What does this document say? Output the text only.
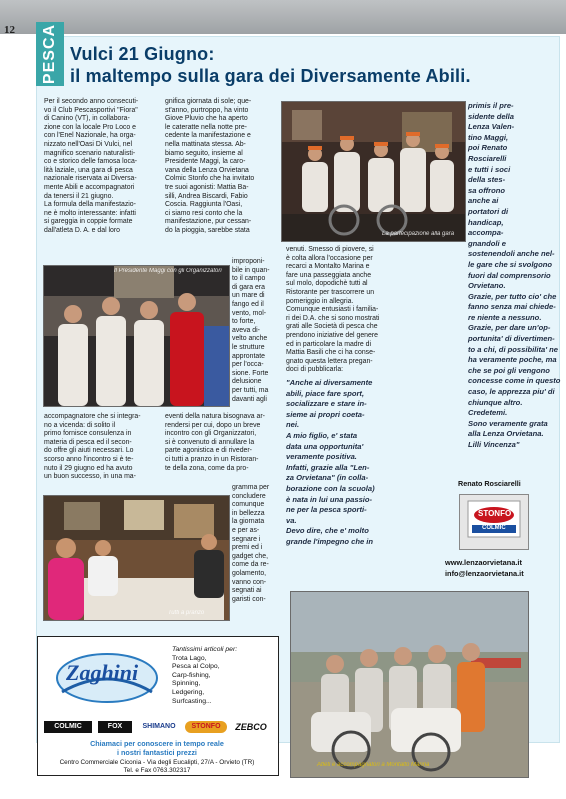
12 PESCA Vulci 21 Giugno:
il maltempo sulla gara dei Diversamente Abili.
Per il secondo anno consecuti-
vo il Club Pescasportivi "Fiora"
di Canino (VT), in collabora-
zione con la locale Pro Loco e
con l'Enel Nazionale, ha orga-
nizzato nell'Oasi Di Vulci, nel
magnifico scenario naturalisti-
co e storico delle famosa loca-
lità laziale, una gara di pesca
nazionale riservata ai Diversa-
mente Abili e accompagnatori
da tenersi il 21 giugno.
La formula della manifestazio-
ne è molto interessante: infatti
si gareggia in coppie formate
dall'atleta D. A. e dal loro
gnifica giornata di sole; que-
st'anno, purtroppo, ha vinto
Giove Pluvio che ha aperto
le cateratte nella notte pre-
cedente la manifestazione e
nella mattinata stessa. Ab-
biamo seguito, insieme al
Presidente Maggi, la caro-
vana della Lenza Orvietana
Colmic Stonfo che ha invitato
tre suoi agonisti: Mattia Ba-
silli, Andrea Biscardi, Fabio
Coscia. Raggiunta l'Oasi,
ci siamo resi conto che la
manifestazione, pur cessan-
do la pioggia, sarebbe stata
La partecipazione alla gara
Il Presidente Maggi con gli Organizzatori
improponi-
bile in quan-
to il campo
di gara era
un mare di
fango ed il
vento, mol-
to forte,
aveva di-
velto anche
le strutture
approntate
per l'occa-
sione. Forte
delusione
per tutti, ma
davanti agli
accompagnatore che si integra-
no a vicenda: di solito il
primo fornisce consulenza in
materia di pesca ed il secon-
do offre gli aiuti necessari. Lo
scorso anno l'incontro si è te-
nuto il 29 giugno ed ha avuto
un buon successo, in una ma-
eventi della natura bisognava ar-
rendersi per cui, dopo un breve
incontro con gli Organizzatori,
si è convenuto di annullare la
parte agonistica e di riveder-
ci tutti a pranzo in un Ristoran-
te della zona, come da pro-
Tutti a pranzo
gramma per
concludere
comunque
in bellezza
la giornata
e per as-
segnare i
premi ed i
gadget che,
come da re-
golamento,
vanno con-
segnati ai
garisti con-
venuti. Smesso di piovere, si
è colta allora l'occasione per
recarci a Montalto Marina e
fare una passeggiata anche
sul molo, dopodichè tutti al
Ristorante per trascorrere un
pomeriggio in allegria.
Comunque entusiasti i familia-
ri dei D.A. che si sono mostrati
grati alle Società di pesca che
prendono iniziative del genere
ed in particolare la madre di
Mattia Basili che ci ha conse-
gnato questa lettera pregan-
doci di pubblicarla:
"Anche ai diversamente
abili, piace fare sport,
socializzare e stare in-
sieme ai propri coeta-
nei.
A mio figlio, e' stata
data una opportunita'
veramente positiva.
Infatti, grazie alla "Len-
za Orvietana" (in colla-
borazione con la scuola)
è nata in lui una passio-
ne per la pesca sporti-
va.
Devo dire, che e' molto
grande l'impegno che in
primis il pre-
sidente della
Lenza Valen-
tino Maggi,
poi Renato
Rosciarelli
e tutti i soci
della stes-
sa offrono
anche ai
portatori di
handicap,
accompa-
gnandoli e
sostenendoli anche nel-
le gare che si svolgono
fuori dal comprensorio
Orvietano.
Grazie, per tutto cio' che
fanno senza mai chiede-
re niente a nessuno.
Grazie, per dare un'op-
portunita' di divertimen-
to a chi, di possibilita' ne
ha veramente poche, ma
che se poi gli vengono
concesse come in questo
caso, le apprezza piu' di
chiunque altro.
Credetemi.
Sono veramente grata
alla Lenza Orvietana.
Lilli Vincenza"
Renato Rosciarelli
STONFO
COLMIC
www.lenzaorvietana.it
info@lenzaorvietana.it
Atleti e accompagnatori a Montalto Marina
Zaghini
Tantissimi articoli per:
Trota Lago,
Pesca al Colpo,
Carp-fishing,
Spinning,
Ledgering,
Surfcasting...
COLMIC	FOX	SHIMANO	STONFO	ZEBCO
Chiamaci per conoscere in tempo reale
i nostri fantastici prezzi
Centro Commerciale Ciconia - Via degli Eucalipti, 27/A - Orvieto (TR)
Tel. e Fax 0763.302317
